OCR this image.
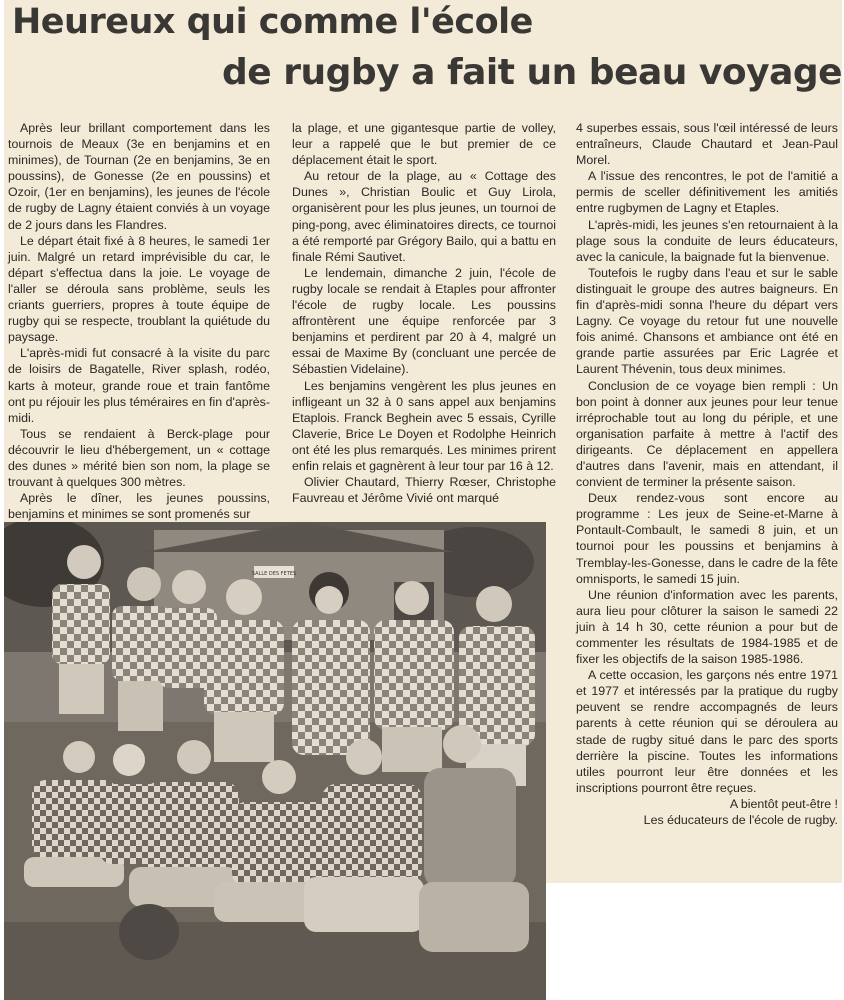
Heureux qui comme l'école
de rugby a fait un beau voyage

Après leur brillant comportement dans les tournois de Meaux (3e en benjamins et en minimes), de Tournan (2e en benjamins, 3e en poussins), de Gonesse (2e en poussins) et Ozoir, (1er en benjamins), les jeunes de l'école de rugby de Lagny étaient conviés à un voyage de 2 jours dans les Flandres.

Le départ était fixé à 8 heures, le samedi 1er juin. Malgré un retard imprévisible du car, le départ s'effectua dans la joie. Le voyage de l'aller se déroula sans problème, seuls les criants guerriers, propres à toute équipe de rugby qui se respecte, troublant la quiétude du paysage.

L'après-midi fut consacré à la visite du parc de loisirs de Bagatelle, River splash, rodéo, karts à moteur, grande roue et train fantôme ont pu réjouir les plus téméraires en fin d'après-midi.

Tous se rendaient à Berck-plage pour découvrir le lieu d'hébergement, un « cottage des dunes » mérité bien son nom, la plage se trouvant à quelques 300 mètres.

Après le dîner, les jeunes poussins, benjamins et minimes se sont promenés sur

la plage, et une gigantesque partie de volley, leur a rappelé que le but premier de ce déplacement était le sport.

Au retour de la plage, au « Cottage des Dunes », Christian Boulic et Guy Lirola, organisèrent pour les plus jeunes, un tournoi de ping-pong, avec éliminatoires directs, ce tournoi a été remporté par Grégory Bailo, qui a battu en finale Rémi Sautivet.

Le lendemain, dimanche 2 juin, l'école de rugby locale se rendait à Etaples pour affronter l'école de rugby locale. Les poussins affrontèrent une équipe renforcée par 3 benjamins et perdirent par 20 à 4, malgré un essai de Maxime By (concluant une percée de Sébastien Videlaine).

Les benjamins vengèrent les plus jeunes en infligeant un 32 à 0 sans appel aux benjamins Etaplois. Franck Beghein avec 5 essais, Cyrille Claverie, Brice Le Doyen et Rodolphe Heinrich ont été les plus remarqués. Les minimes prirent enfin relais et gagnèrent à leur tour par 16 à 12.

Olivier Chautard, Thierry Rœser, Christophe Fauvreau et Jérôme Vivié ont marqué

4 superbes essais, sous l'œil intéressé de leurs entraîneurs, Claude Chautard et Jean-Paul Morel.

A l'issue des rencontres, le pot de l'amitié a permis de sceller définitivement les amitiés entre rugbymen de Lagny et Etaples.

L'après-midi, les jeunes s'en retournaient à la plage sous la conduite de leurs éducateurs, avec la canicule, la baignade fut la bienvenue.

Toutefois le rugby dans l'eau et sur le sable distinguait le groupe des autres baigneurs. En fin d'après-midi sonna l'heure du départ vers Lagny. Ce voyage du retour fut une nouvelle fois animé. Chansons et ambiance ont été en grande partie assurées par Eric Lagrée et Laurent Thévenin, tous deux minimes.

Conclusion de ce voyage bien rempli : Un bon point à donner aux jeunes pour leur tenue irréprochable tout au long du périple, et une organisation parfaite à mettre à l'actif des dirigeants. Ce déplacement en appellera d'autres dans l'avenir, mais en attendant, il convient de terminer la présente saison.

Deux rendez-vous sont encore au programme : Les jeux de Seine-et-Marne à Pontault-Combault, le samedi 8 juin, et un tournoi pour les poussins et benjamins à Tremblay-les-Gonesse, dans le cadre de la fête omnisports, le samedi 15 juin.

Une réunion d'information avec les parents, aura lieu pour clôturer la saison le samedi 22 juin à 14 h 30, cette réunion a pour but de commenter les résultats de 1984-1985 et de fixer les objectifs de la saison 1985-1986.

A cette occasion, les garçons nés entre 1971 et 1977 et intéressés par la pratique du rugby peuvent se rendre accompagnés de leurs parents à cette réunion qui se déroulera au stade de rugby situé dans le parc des sports derrière la piscine. Toutes les informations utiles pourront leur être données et les inscriptions pourront être reçues.

A bientôt peut-être !

Les éducateurs de l'école de rugby.

SALLE DES FETES
